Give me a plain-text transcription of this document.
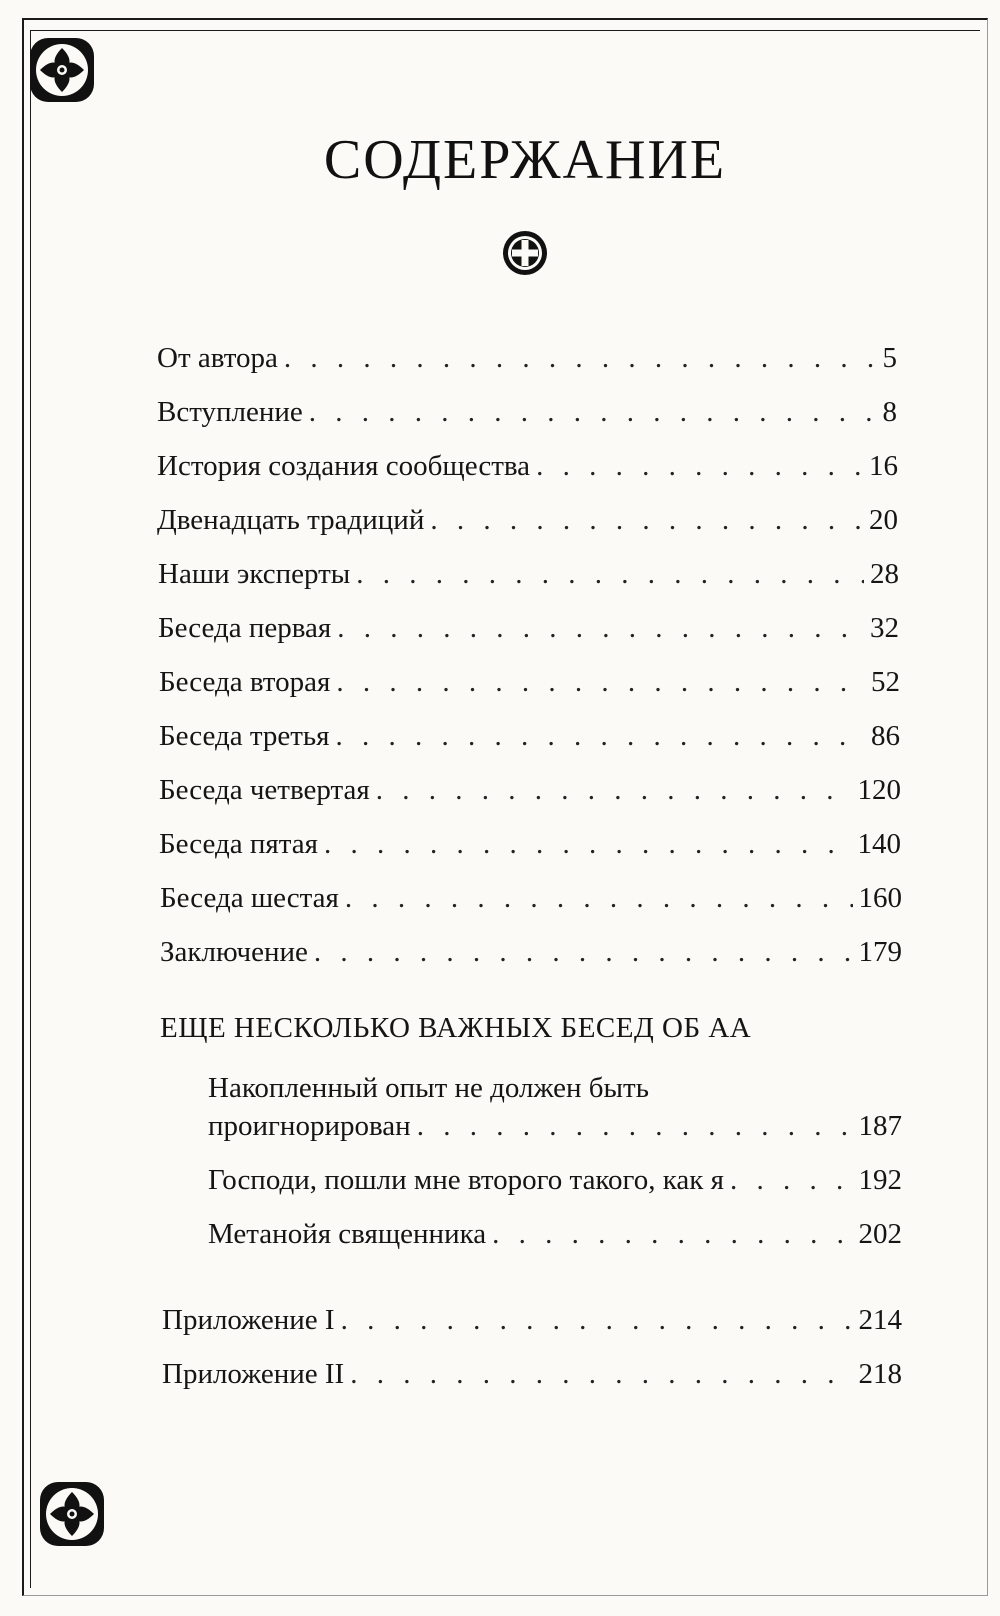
СОДЕРЖАНИЕ
От автора . . .	5
Вступление . . .	8
История создания сообщества . . .	16
Двенадцать традиций . . .	20
Наши эксперты . . .	28
Беседа первая . . .	32
Беседа вторая . . .	52
Беседа третья . . .	86
Беседа четвертая . . .	120
Беседа пятая . . .	140
Беседа шестая . . .	160
Заключение . . .	179
ЕЩЕ НЕСКОЛЬКО ВАЖНЫХ БЕСЕД ОБ АА
Накопленный опыт не должен быть
проигнорирован . . .	187
Господи, пошли мне второго такого, как я . . .	192
Метанойя священника . . .	202
Приложение I . . .	214
Приложение II . . .	218
